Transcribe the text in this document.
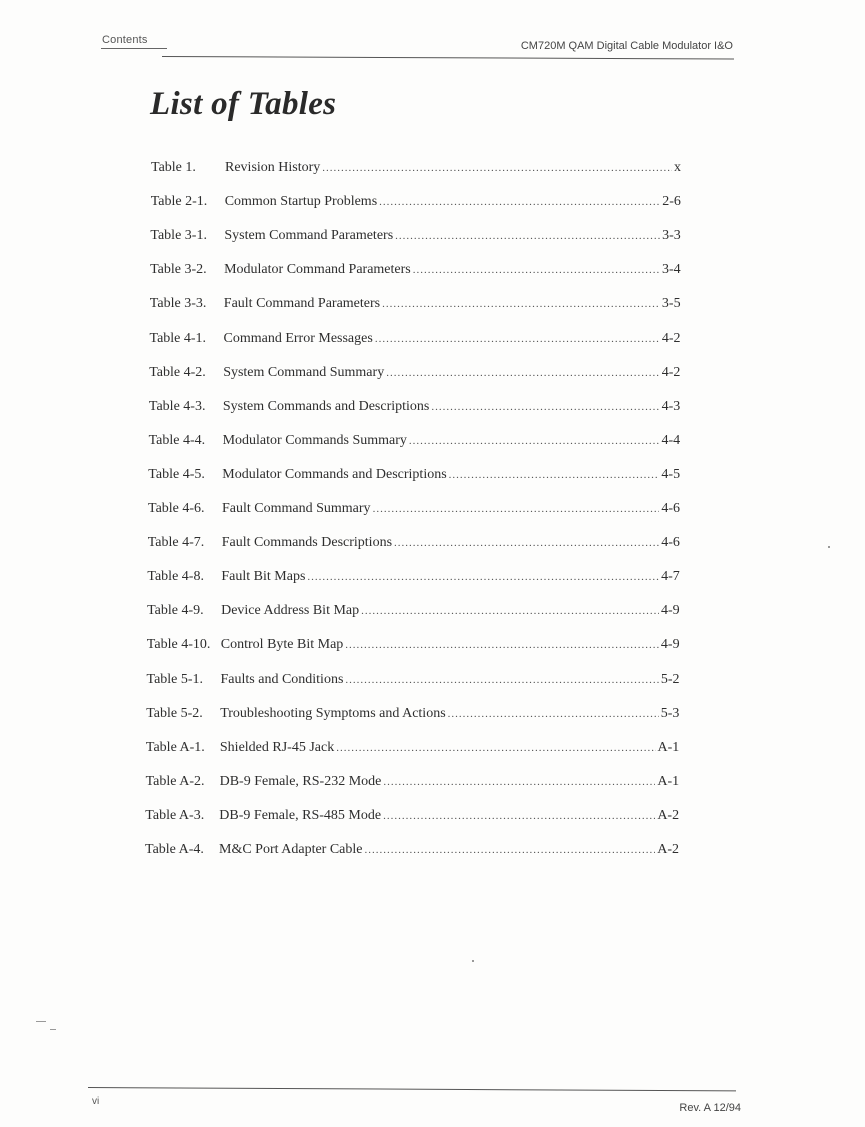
Contents	CM720M QAM Digital Cable Modulator I&O
List of Tables
Table 1.	Revision History .....	x
Table 2-1.	Common Startup Problems .....	2-6
Table 3-1.	System Command Parameters .....	3-3
Table 3-2.	Modulator Command Parameters .....	3-4
Table 3-3.	Fault Command Parameters .....	3-5
Table 4-1.	Command Error Messages .....	4-2
Table 4-2.	System Command Summary .....	4-2
Table 4-3.	System Commands and Descriptions .....	4-3
Table 4-4.	Modulator Commands Summary .....	4-4
Table 4-5.	Modulator Commands and Descriptions .....	4-5
Table 4-6.	Fault Command Summary .....	4-6
Table 4-7.	Fault Commands Descriptions .....	4-6
Table 4-8.	Fault Bit Maps .....	4-7
Table 4-9.	Device Address Bit Map .....	4-9
Table 4-10. Control Byte Bit Map .....	4-9
Table 5-1.	Faults and Conditions .....	5-2
Table 5-2.	Troubleshooting Symptoms and Actions .....	5-3
Table A-1.	Shielded RJ-45 Jack .....	A-1
Table A-2.	DB-9 Female, RS-232 Mode .....	A-1
Table A-3.	DB-9 Female, RS-485 Mode .....	A-2
Table A-4.	M&C Port Adapter Cable .....	A-2
vi
Rev. A 12/94
